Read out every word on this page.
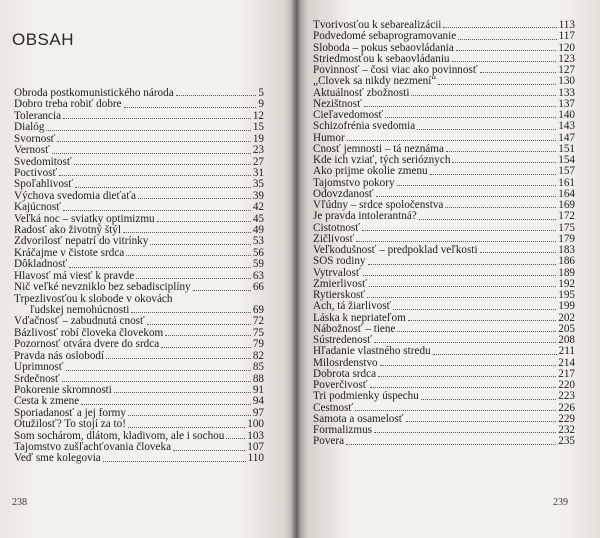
OBSAH
Obroda postkomunistického národa	5
Dobro treba robiť dobre	9
Tolerancia	12
Dialóg	15
Svornosť	19
Vernosť	23
Svedomitosť	27
Poctivosť	31
Spoľahlivosť	35
Výchova svedomia dieťaťa	39
Kajúcnosť	42
Veľká noc – sviatky optimizmu	45
Radosť ako životný štýl	49
Zdvorilosť nepatrí do vitrínky	53
Kráčajme v čistote srdca	56
Dôkladnosť	59
Hlavosť má viesť k pravde	63
Nič veľké nevzniklo bez sebadisciplíny	66
Trpezlivosťou k slobode v okovách
ľudskej nemohúcnosti	69
Vďačnosť – zabudnutá cnosť	72
Bázlivosť robí človeka človekom	75
Pozornosť otvára dvere do srdca	79
Pravda nás oslobodí	82
Úprimnosť	85
Srdečnosť	88
Pokorenie skromnosti	91
Cesta k zmene	94
Sporiadanosť a jej formy	97
Otužilosť? To stojí za to!	100
Som sochárom, dlátom, kladivom, ale i sochou 103
Tajomstvo zušľachťovania človeka	107
Veď sme kolegovia	110
238
Tvorivosťou k sebarealizácii	113
Podvedomé sebaprogramovanie	117
Sloboda – pokus sebaovládania	120
Striedmosťou k sebaovládaniu	123
Povinnosť – čosi viac ako povinnosť	127
„Človek sa nikdy nezmení“	130
Aktuálnosť zbožnosti	133
Nezištnosť	137
Cieľavedomosť	140
Schizofrénia svedomia	143
Humor	147
Cnosť jemnosti – tá neznáma	151
Kde ich vziať, tých serióznych	154
Ako prijme okolie zmenu	157
Tajomstvo pokory	161
Odovzdanosť	164
Vľúdny – srdce spoločenstva	169
Je pravda intolerantná?	172
Čistotnosť	175
Žičlivosť	179
Veľkodušnosť – predpoklad veľkosti	183
SOS rodiny	186
Vytrvalosť	189
Zmierlivosť	192
Rytierskosť	195
Ach, tá žiarlivosť	199
Láska k nepriateľom	202
Nábožnosť – tiene	205
Sústredenosť	208
Hľadanie vlastného stredu	211
Milosrdenstvo	214
Dobrota srdca	217
Poverčivosť	220
Tri podmienky úspechu	223
Čestnosť	226
Samota a osamelosť	229
Formalizmus	232
Povera	235
239
